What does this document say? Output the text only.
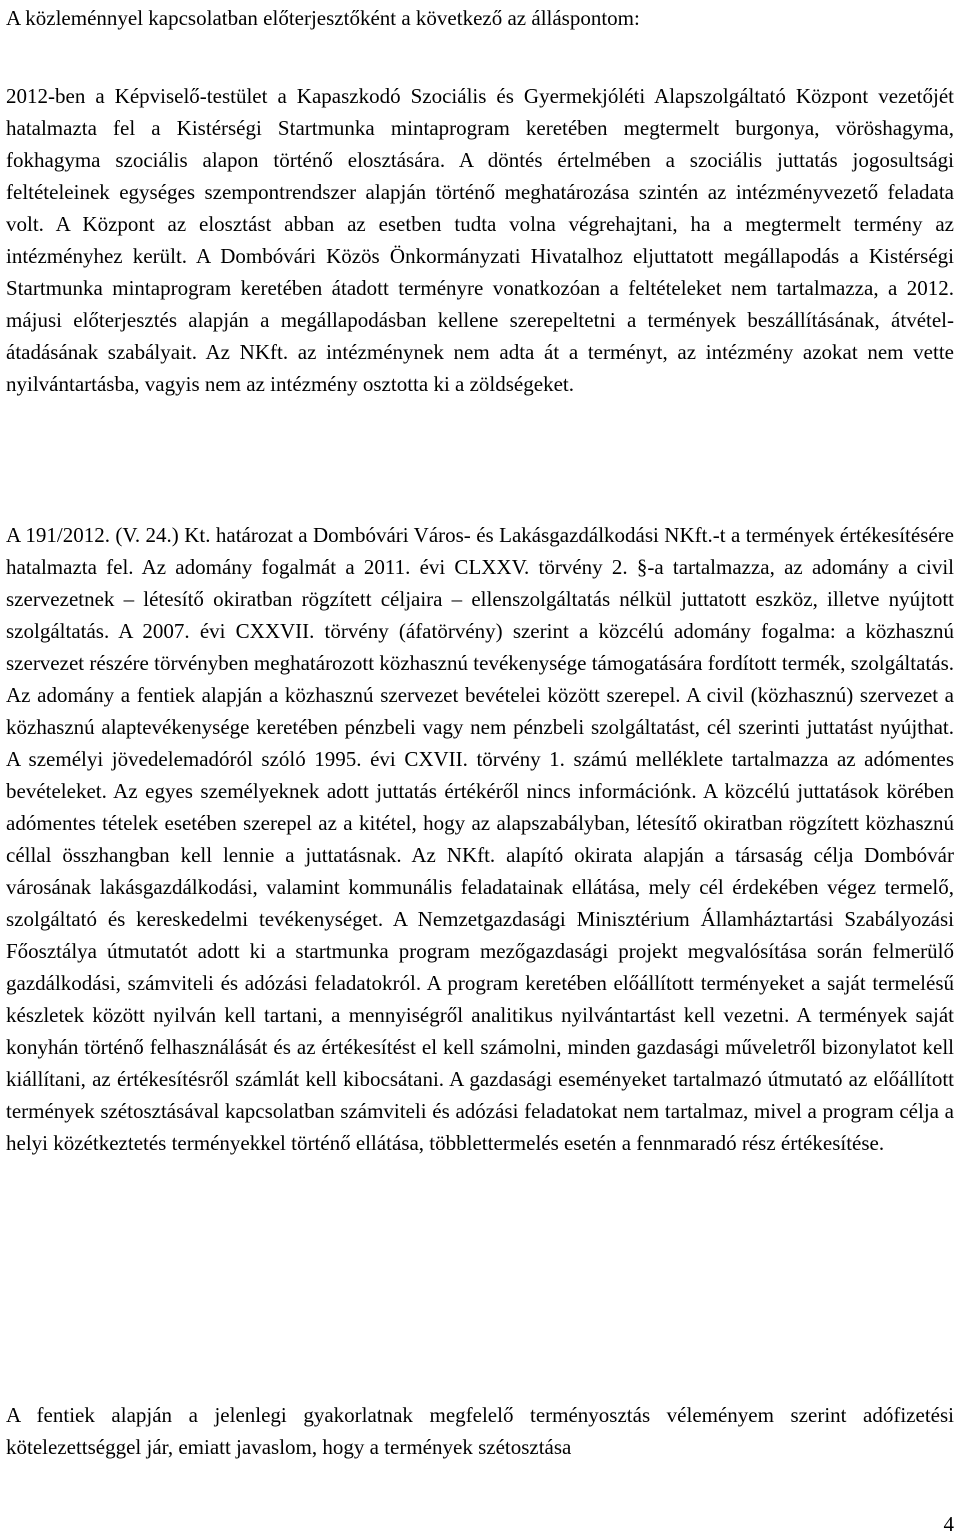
A közleménnyel kapcsolatban előterjesztőként a következő az álláspontom:

2012-ben a Képviselő-testület a Kapaszkodó Szociális és Gyermekjóléti Alapszolgáltató Központ vezetőjét hatalmazta fel a Kistérségi Startmunka mintaprogram keretében megtermelt burgonya, vöröshagyma, fokhagyma szociális alapon történő elosztására. A döntés értelmében a szociális juttatás jogosultsági feltételeinek egységes szempontrendszer alapján történő meghatározása szintén az intézményvezető feladata volt. A Központ az elosztást abban az esetben tudta volna végrehajtani, ha a megtermelt termény az intézményhez került. A Dombóvári Közös Önkormányzati Hivatalhoz eljuttatott megállapodás a Kistérségi Startmunka mintaprogram keretében átadott terményre vonatkozóan a feltételeket nem tartalmazza, a 2012. májusi előterjesztés alapján a megállapodásban kellene szerepeltetni a termények beszállításának, átvétel-átadásának szabályait. Az NKft. az intézménynek nem adta át a terményt, az intézmény azokat nem vette nyilvántartásba, vagyis nem az intézmény osztotta ki a zöldségeket.

A 191/2012. (V. 24.) Kt. határozat a Dombóvári Város- és Lakásgazdálkodási NKft.-t a termények értékesítésére hatalmazta fel. Az adomány fogalmát a 2011. évi CLXXV. törvény 2. §-a tartalmazza, az adomány a civil szervezetnek – létesítő okiratban rögzített céljaira – ellenszolgáltatás nélkül juttatott eszköz, illetve nyújtott szolgáltatás. A 2007. évi CXXVII. törvény (áfatörvény) szerint a közcélú adomány fogalma: a közhasznú szervezet részére törvényben meghatározott közhasznú tevékenysége támogatására fordított termék, szolgáltatás. Az adomány a fentiek alapján a közhasznú szervezet bevételei között szerepel. A civil (közhasznú) szervezet a közhasznú alaptevékenysége keretében pénzbeli vagy nem pénzbeli szolgáltatást, cél szerinti juttatást nyújthat. A személyi jövedelemadóról szóló 1995. évi CXVII. törvény 1. számú melléklete tartalmazza az adómentes bevételeket. Az egyes személyeknek adott juttatás értékéről nincs információnk. A közcélú juttatások körében adómentes tételek esetében szerepel az a kitétel, hogy az alapszabályban, létesítő okiratban rögzített közhasznú céllal összhangban kell lennie a juttatásnak. Az NKft. alapító okirata alapján a társaság célja Dombóvár városának lakásgazdálkodási, valamint kommunális feladatainak ellátása, mely cél érdekében végez termelő, szolgáltató és kereskedelmi tevékenységet. A Nemzetgazdasági Minisztérium Államháztartási Szabályozási Főosztálya útmutatót adott ki a startmunka program mezőgazdasági projekt megvalósítása során felmerülő gazdálkodási, számviteli és adózási feladatokról. A program keretében előállított terményeket a saját termelésű készletek között nyilván kell tartani, a mennyiségről analitikus nyilvántartást kell vezetni. A termények saját konyhán történő felhasználását és az értékesítést el kell számolni, minden gazdasági műveletről bizonylatot kell kiállítani, az értékesítésről számlát kell kibocsátani. A gazdasági eseményeket tartalmazó útmutató az előállított termények szétosztásával kapcsolatban számviteli és adózási feladatokat nem tartalmaz, mivel a program célja a helyi közétkeztetés terményekkel történő ellátása, többlettermelés esetén a fennmaradó rész értékesítése.

A fentiek alapján a jelenlegi gyakorlatnak megfelelő terményosztás véleményem szerint adófizetési kötelezettséggel jár, emiatt javaslom, hogy a termények szétosztása

4
